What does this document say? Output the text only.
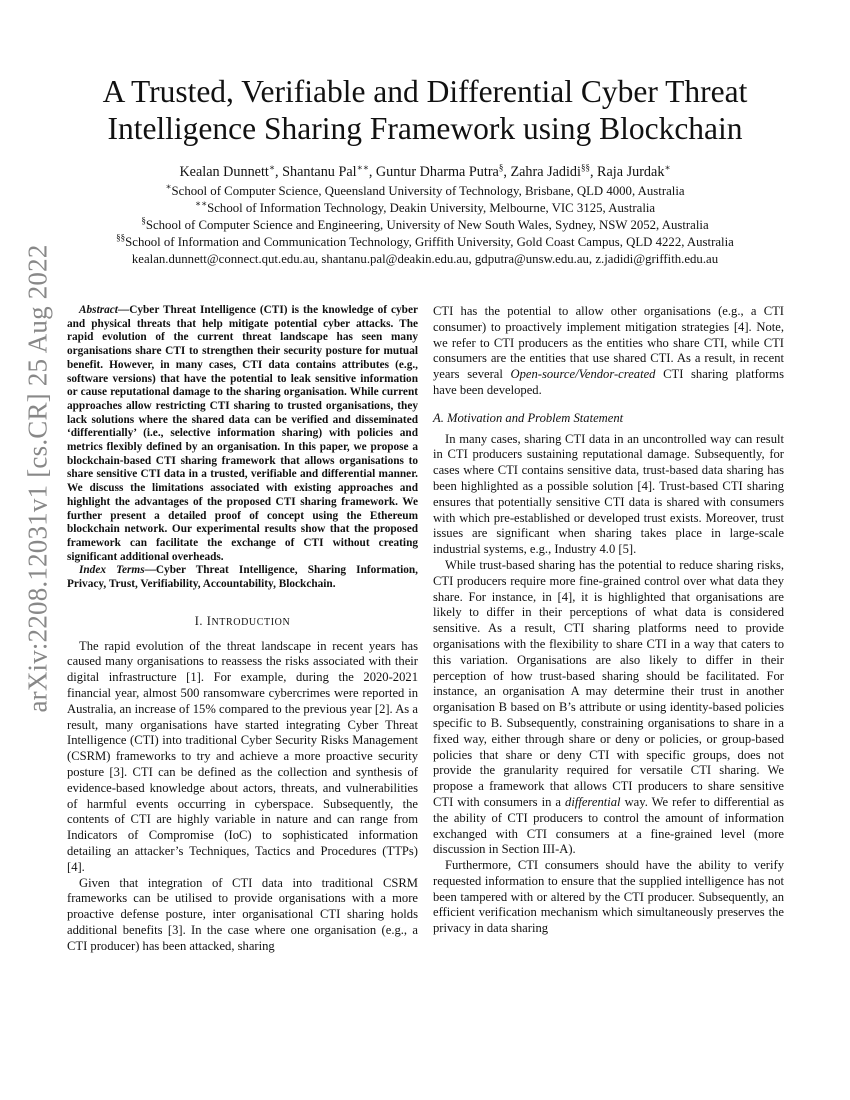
arXiv:2208.12031v1 [cs.CR] 25 Aug 2022
A Trusted, Verifiable and Differential Cyber Threat Intelligence Sharing Framework using Blockchain
Kealan Dunnett∗, Shantanu Pal∗∗, Guntur Dharma Putra§, Zahra Jadidi§§, Raja Jurdak∗
∗School of Computer Science, Queensland University of Technology, Brisbane, QLD 4000, Australia
∗∗School of Information Technology, Deakin University, Melbourne, VIC 3125, Australia
§School of Computer Science and Engineering, University of New South Wales, Sydney, NSW 2052, Australia
§§School of Information and Communication Technology, Griffith University, Gold Coast Campus, QLD 4222, Australia
kealan.dunnett@connect.qut.edu.au, shantanu.pal@deakin.edu.au, gdputra@unsw.edu.au, z.jadidi@griffith.edu.au

Abstract—Cyber Threat Intelligence (CTI) is the knowledge of cyber and physical threats that help mitigate potential cyber attacks. The rapid evolution of the current threat landscape has seen many organisations share CTI to strengthen their security posture for mutual benefit. However, in many cases, CTI data contains attributes (e.g., software versions) that have the potential to leak sensitive information or cause reputational damage to the sharing organisation. While current approaches allow restricting CTI sharing to trusted organisations, they lack solutions where the shared data can be verified and disseminated ‘differentially’ (i.e., selective information sharing) with policies and metrics flexibly defined by an organisation. In this paper, we propose a blockchain-based CTI sharing framework that allows organisations to share sensitive CTI data in a trusted, verifiable and differential manner. We discuss the limitations associated with existing approaches and highlight the advantages of the proposed CTI sharing framework. We further present a detailed proof of concept using the Ethereum blockchain network. Our experimental results show that the proposed framework can facilitate the exchange of CTI without creating significant additional overheads.

Index Terms—Cyber Threat Intelligence, Sharing Information, Privacy, Trust, Verifiability, Accountability, Blockchain.

I. INTRODUCTION

The rapid evolution of the threat landscape in recent years has caused many organisations to reassess the risks associated with their digital infrastructure [1]. For example, during the 2020-2021 financial year, almost 500 ransomware cybercrimes were reported in Australia, an increase of 15% compared to the previous year [2]. As a result, many organisations have started integrating Cyber Threat Intelligence (CTI) into traditional Cyber Security Risks Management (CSRM) frameworks to try and achieve a more proactive security posture [3]. CTI can be defined as the collection and synthesis of evidence-based knowledge about actors, threats, and vulnerabilities of harmful events occurring in cyberspace. Subsequently, the contents of CTI are highly variable in nature and can range from Indicators of Compromise (IoC) to sophisticated information detailing an attacker’s Techniques, Tactics and Procedures (TTPs) [4].

Given that integration of CTI data into traditional CSRM frameworks can be utilised to provide organisations with a more proactive defense posture, inter organisational CTI sharing holds additional benefits [3]. In the case where one organisation (e.g., a CTI producer) has been attacked, sharing

CTI has the potential to allow other organisations (e.g., a CTI consumer) to proactively implement mitigation strategies [4]. Note, we refer to CTI producers as the entities who share CTI, while CTI consumers are the entities that use shared CTI. As a result, in recent years several Open-source/Vendor-created CTI sharing platforms have been developed.

A. Motivation and Problem Statement

In many cases, sharing CTI data in an uncontrolled way can result in CTI producers sustaining reputational damage. Subsequently, for cases where CTI contains sensitive data, trust-based data sharing has been highlighted as a possible solution [4]. Trust-based CTI sharing ensures that potentially sensitive CTI data is shared with consumers with which pre-established or developed trust exists. Moreover, trust issues are significant when sharing takes place in large-scale industrial systems, e.g., Industry 4.0 [5].

While trust-based sharing has the potential to reduce sharing risks, CTI producers require more fine-grained control over what data they share. For instance, in [4], it is highlighted that organisations are likely to differ in their perceptions of what data is considered sensitive. As a result, CTI sharing platforms need to provide organisations with the flexibility to share CTI in a way that caters to this variation. Organisations are also likely to differ in their perception of how trust-based sharing should be facilitated. For instance, an organisation A may determine their trust in another organisation B based on B’s attribute or using identity-based policies specific to B. Subsequently, constraining organisations to share in a fixed way, either through share or deny or policies, or group-based policies that share or deny CTI with specific groups, does not provide the granularity required for versatile CTI sharing. We propose a framework that allows CTI producers to share sensitive CTI with consumers in a differential way. We refer to differential as the ability of CTI producers to control the amount of information exchanged with CTI consumers at a fine-grained level (more discussion in Section III-A).

Furthermore, CTI consumers should have the ability to verify requested information to ensure that the supplied intelligence has not been tampered with or altered by the CTI producer. Subsequently, an efficient verification mechanism which simultaneously preserves the privacy in data sharing
